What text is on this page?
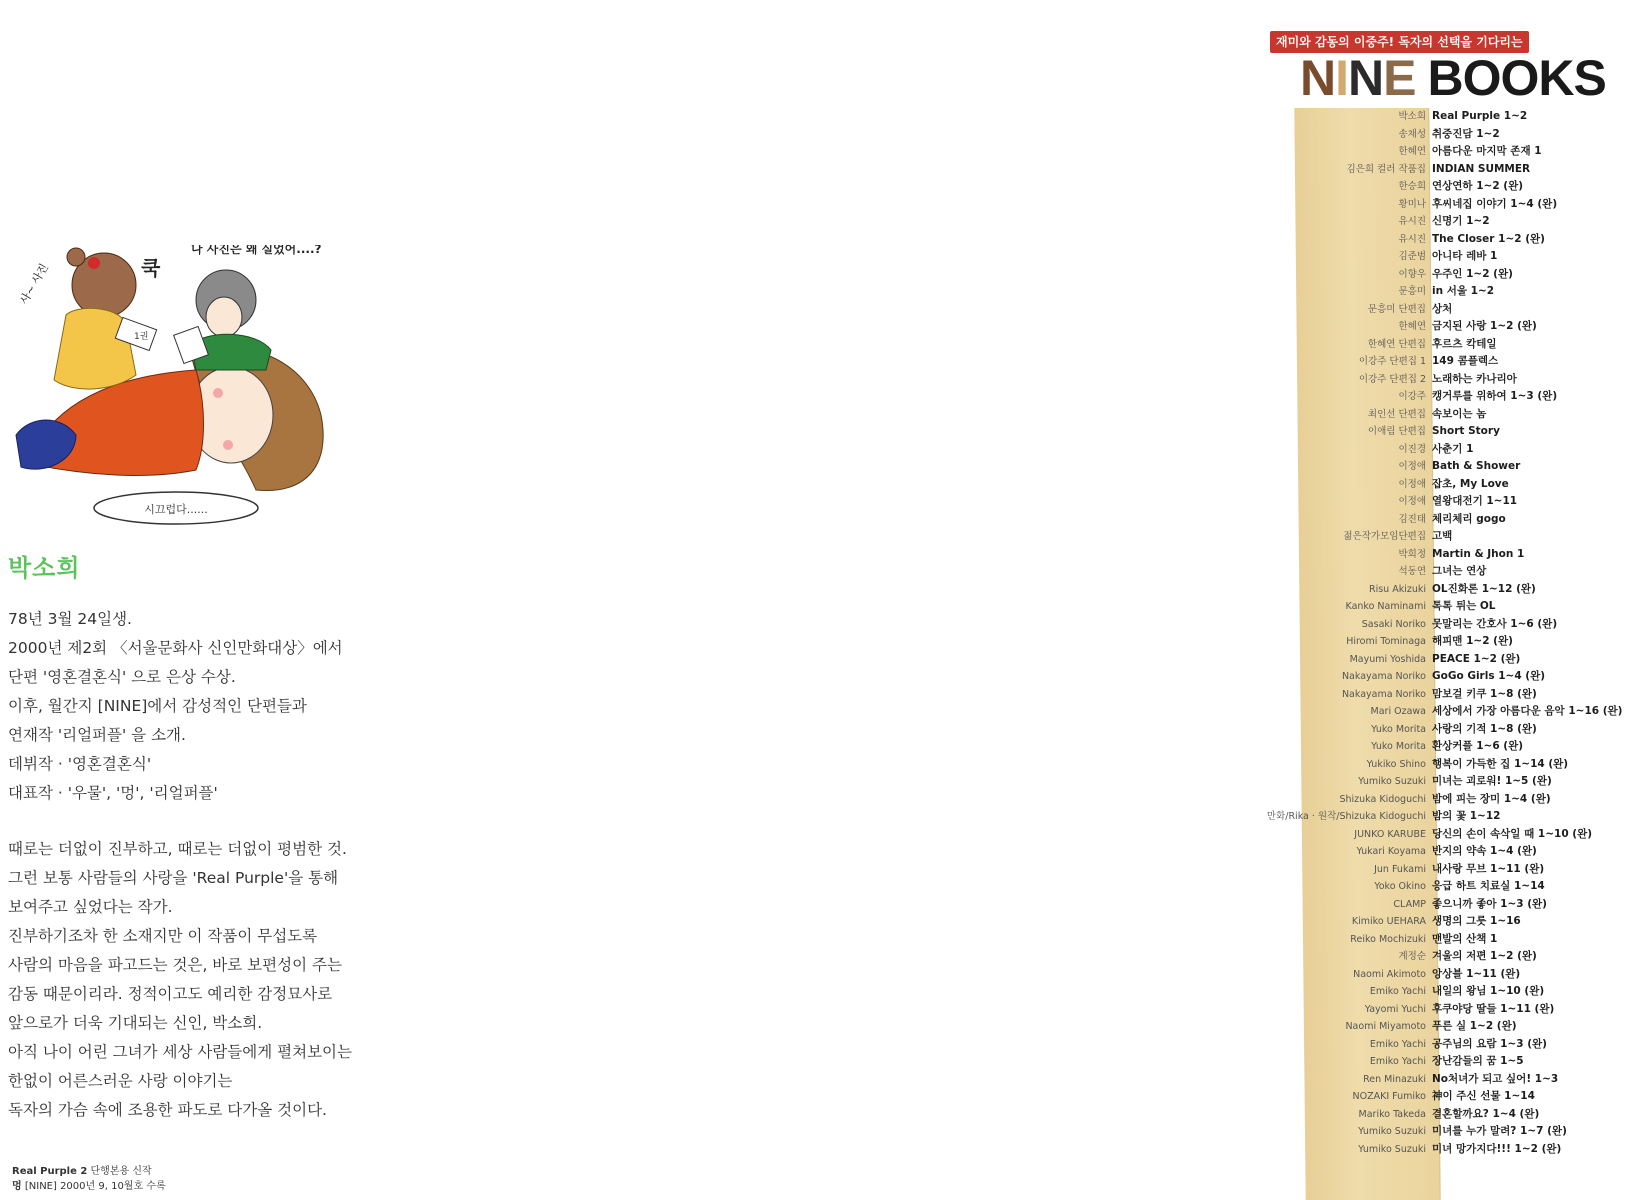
시끄럽다......
1권
나 사진은 왜 실었어....?
사~ 사진	쿡
박소희
78년 3월 24일생.
2000년 제2회 〈서울문화사 신인만화대상〉에서
단편 '영혼결혼식' 으로 은상 수상.
이후, 월간지 [NINE]에서 감성적인 단편들과
연재작 '리얼퍼플' 을 소개.
데뷔작 · '영혼결혼식'
대표작 · '우물', '멍', '리얼퍼플'
때로는 더없이 진부하고, 때로는 더없이 평범한 것.
그런 보통 사람들의 사랑을 'Real Purple'을 통해
보여주고 싶었다는 작가.
진부하기조차 한 소재지만 이 작품이 무섭도록
사람의 마음을 파고드는 것은, 바로 보편성이 주는
감동 때문이리라. 정적이고도 예리한 감정묘사로
앞으로가 더욱 기대되는 신인, 박소희.
아직 나이 어린 그녀가 세상 사람들에게 펼쳐보이는
한없이 어른스러운 사랑 이야기는
독자의 가슴 속에 조용한 파도로 다가올 것이다.
Real Purple 2 단행본용 신작
멍 [NINE] 2000년 9, 10월호 수록
재미와 감동의 이중주! 독자의 선택을 기다리는
NINE BOOKS
박소희 Real Purple 1~2
송채성 취중진담 1~2
한혜연 아름다운 마지막 존재 1
김은희 컬러 작품집 INDIAN SUMMER
한승희 연상연하 1~2 (완)
황미나 후씨네집 이야기 1~4 (완)
유시진 신명기 1~2
유시진 The Closer 1~2 (완)
김준범 아니타 레바 1
이향우 우주인 1~2 (완)
문흥미 in 서울 1~2
문흥미 단편집 상처
한혜연 금지된 사랑 1~2 (완)
한혜연 단편집 후르츠 칵테일
이강주 단편집 1 149 콤플렉스
이강주 단편집 2 노래하는 카나리아
이강주 캥거루를 위하여 1~3 (완)
최인선 단편집 속보이는 놈
이애림 단편집 Short Story
이진경 사춘기 1
이정애 Bath & Shower
이정애 잡초, My Love
이정애 열왕대전기 1~11
김진태 체리체리 gogo
젊은작가모임단편집 고백
박희정 Martin & Jhon 1
석동연 그녀는 연상
Risu Akizuki OL진화론 1~12 (완)
Kanko Naminami 톡톡 튀는 OL
Sasaki Noriko 못말리는 간호사 1~6 (완)
Hiromi Tominaga 해피맨 1~2 (완)
Mayumi Yoshida PEACE 1~2 (완)
Nakayama Noriko GoGo Girls 1~4 (완)
Nakayama Noriko 맘보걸 키쿠 1~8 (완)
Mari Ozawa 세상에서 가장 아름다운 음악 1~16 (완)
Yuko Morita 사랑의 기적 1~8 (완)
Yuko Morita 환상커플 1~6 (완)
Yukiko Shino 행복이 가득한 집 1~14 (완)
Yumiko Suzuki 미녀는 괴로워! 1~5 (완)
Shizuka Kidoguchi 밤에 피는 장미 1~4 (완)
만화/Rika · 원작/Shizuka Kidoguchi 밤의 꽃 1~12
JUNKO KARUBE 당신의 손이 속삭일 때 1~10 (완)
Yukari Koyama 반지의 약속 1~4 (완)
Jun Fukami 내사랑 무브 1~11 (완)
Yoko Okino 응급 하트 치료실 1~14
CLAMP 좋으니까 좋아 1~3 (완)
Kimiko UEHARA 생명의 그릇 1~16
Reiko Mochizuki 맨발의 산책 1
계정순 겨울의 저편 1~2 (완)
Naomi Akimoto 앙상블 1~11 (완)
Emiko Yachi 내일의 왕님 1~10 (완)
Yayomi Yuchi 후쿠야당 딸들 1~11 (완)
Naomi Miyamoto 푸른 실 1~2 (완)
Emiko Yachi 공주님의 요람 1~3 (완)
Emiko Yachi 장난감들의 꿈 1~5
Ren Minazuki No처녀가 되고 싶어! 1~3
NOZAKI Fumiko 神이 주신 선물 1~14
Mariko Takeda 결혼할까요? 1~4 (완)
Yumiko Suzuki 미녀를 누가 말려? 1~7 (완)
Yumiko Suzuki 미녀 망가지다!!! 1~2 (완)
